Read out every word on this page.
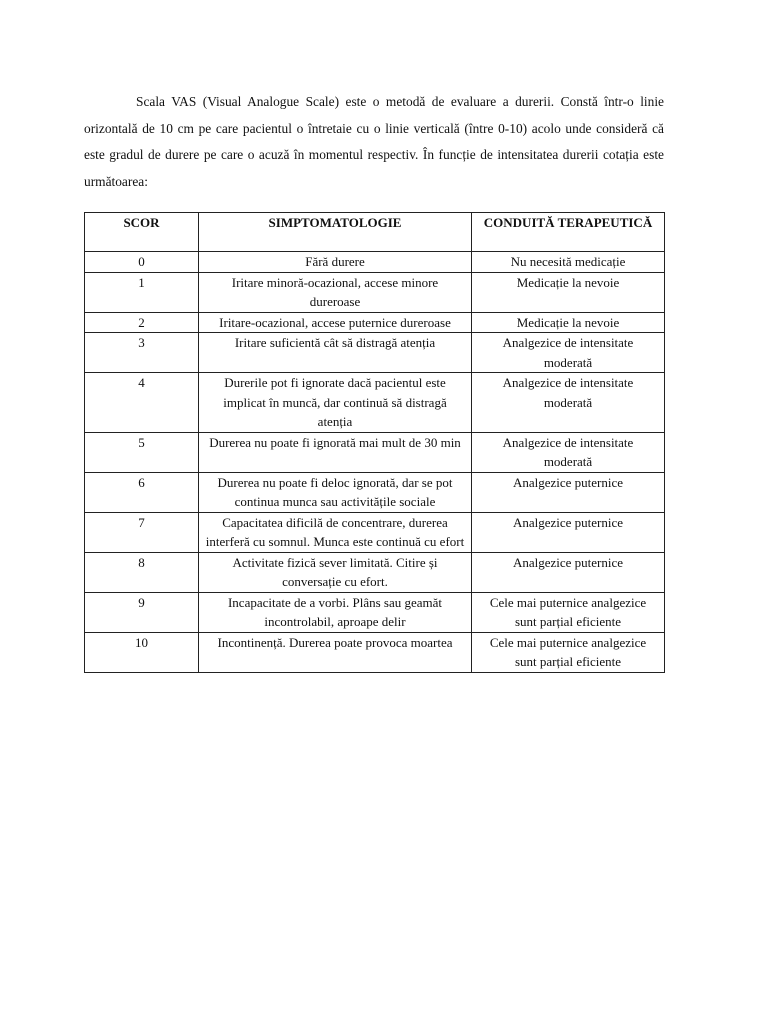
Scala VAS (Visual Analogue Scale) este o metodă de evaluare a durerii. Constă într-o linie orizontală de 10 cm pe care pacientul o întretaie cu o linie verticală (între 0-10) acolo unde consideră că este gradul de durere pe care o acuză în momentul respectiv. În funcție de intensitatea durerii cotația este următoarea:

SCOR	SIMPTOMATOLOGIE	CONDUITĂ TERAPEUTICĂ
0	Fără durere	Nu necesită medicație
1	Iritare minoră-ocazional, accese minore dureroase	Medicație la nevoie
2	Iritare-ocazional, accese puternice dureroase	Medicație la nevoie
3	Iritare suficientă cât să distragă atenția	Analgezice de intensitate moderată
4	Durerile pot fi ignorate dacă pacientul este implicat în muncă, dar continuă să distragă atenția	Analgezice de intensitate moderată
5	Durerea nu poate fi ignorată mai mult de 30 min	Analgezice de intensitate moderată
6	Durerea nu poate fi deloc ignorată, dar se pot continua munca sau activitățile sociale	Analgezice puternice
7	Capacitatea dificilă de concentrare, durerea interferă cu somnul. Munca este continuă cu efort	Analgezice puternice
8	Activitate fizică sever limitată. Citire și conversație cu efort.	Analgezice puternice
9	Incapacitate de a vorbi. Plâns sau geamăt incontrolabil, aproape delir	Cele mai puternice analgezice sunt parțial eficiente
10	Incontinență. Durerea poate provoca moartea	Cele mai puternice analgezice sunt parțial eficiente
